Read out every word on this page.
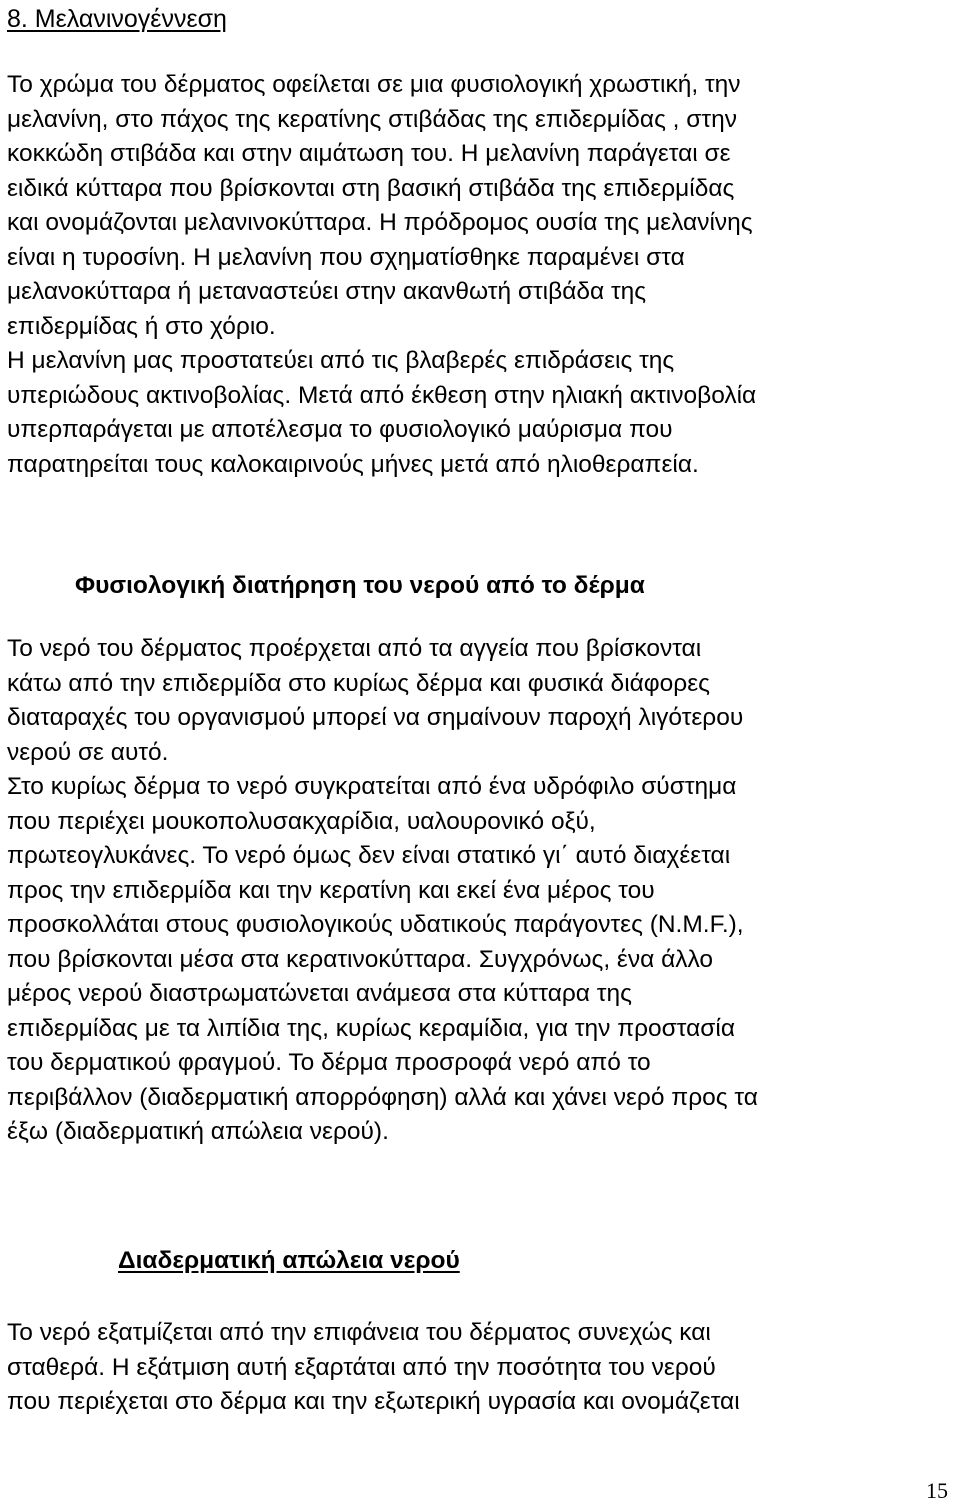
8. Μελανινογέννεση

Το χρώμα του δέρματος οφείλεται σε μια φυσιολογική χρωστική, την
μελανίνη, στο πάχος της κερατίνης στιβάδας της επιδερμίδας , στην
κοκκώδη στιβάδα και στην αιμάτωση του. Η μελανίνη παράγεται σε
ειδικά κύτταρα που βρίσκονται στη βασική στιβάδα της επιδερμίδας
και ονομάζονται μελανινοκύτταρα. Η πρόδρομος ουσία της μελανίνης
είναι η τυροσίνη. Η μελανίνη που σχηματίσθηκε παραμένει στα
μελανοκύτταρα ή μεταναστεύει στην ακανθωτή στιβάδα της
επιδερμίδας ή στο χόριο.
Η μελανίνη μας προστατεύει από τις βλαβερές επιδράσεις της
υπεριώδους ακτινοβολίας. Μετά από έκθεση στην ηλιακή ακτινοβολία
υπερπαράγεται με αποτέλεσμα το φυσιολογικό μαύρισμα που
παρατηρείται τους καλοκαιρινούς μήνες μετά από ηλιοθεραπεία.

Φυσιολογική διατήρηση του νερού από το δέρμα

Το νερό του δέρματος προέρχεται από τα αγγεία που βρίσκονται
κάτω από την επιδερμίδα στο κυρίως δέρμα και φυσικά διάφορες
διαταραχές του οργανισμού μπορεί να σημαίνουν παροχή λιγότερου
νερού σε αυτό.
Στο κυρίως δέρμα το νερό συγκρατείται από ένα υδρόφιλο σύστημα
που περιέχει μουκοπολυσακχαρίδια, υαλουρονικό οξύ,
πρωτεογλυκάνες. Το νερό όμως δεν είναι στατικό γι΄ αυτό διαχέεται
προς την επιδερμίδα και την κερατίνη και εκεί ένα μέρος του
προσκολλάται στους φυσιολογικούς υδατικούς παράγοντες (N.M.F.),
που βρίσκονται μέσα στα κερατινοκύτταρα. Συγχρόνως, ένα άλλο
μέρος νερού διαστρωματώνεται ανάμεσα στα κύτταρα της
επιδερμίδας με τα λιπίδια της, κυρίως κεραμίδια, για την προστασία
του δερματικού φραγμού. Το δέρμα προσροφά νερό από το
περιβάλλον (διαδερματική απορρόφηση) αλλά και χάνει νερό προς τα
έξω (διαδερματική απώλεια νερού).

Διαδερματική απώλεια νερού

Το νερό εξατμίζεται από την επιφάνεια του δέρματος συνεχώς και
σταθερά. Η εξάτμιση αυτή εξαρτάται από την ποσότητα του νερού
που περιέχεται στο δέρμα και την εξωτερική υγρασία και ονομάζεται

15
